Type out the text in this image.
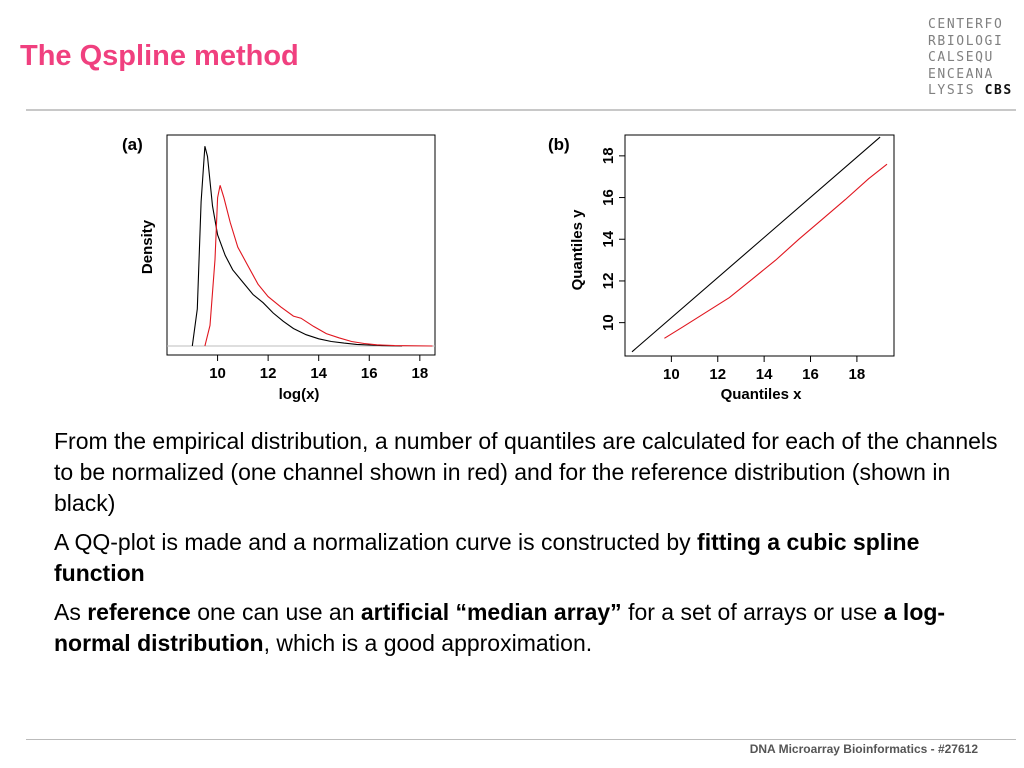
The Qspline method
CENTERFO
RBIOLOGI
CALSEQU
ENCEANA
LYSIS CBS
(a)
Density
log(x)
10 12 14 16 18
(b)
Quantiles y
Quantiles x
10 12 14 16 18
10
12
14
16
18

From the empirical distribution, a number of quantiles are calculated for each of the channels to be normalized (one channel shown in red) and for the reference distribution (shown in black)

A QQ-plot is made and a normalization curve is constructed by fitting a cubic spline function

As reference one can use an artificial “median array” for a set of arrays or use a log-normal distribution, which is a good approximation.

DNA Microarray Bioinformatics - #27612
